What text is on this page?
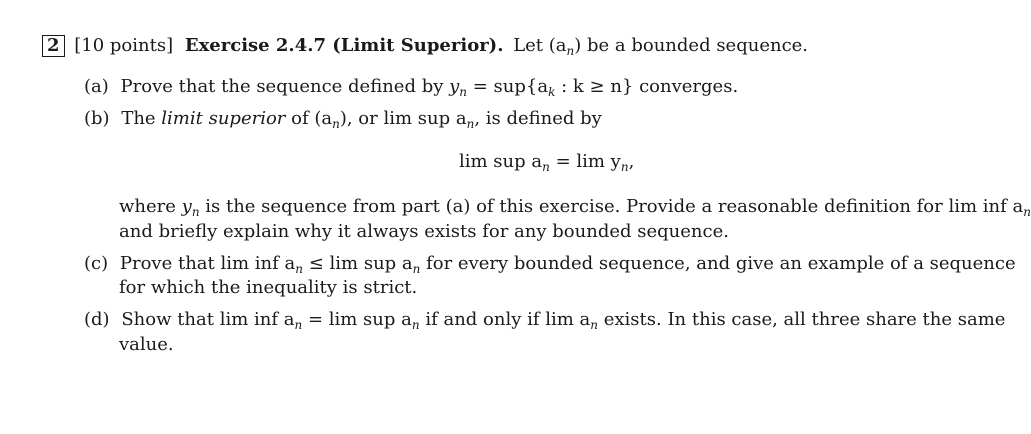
2 [10 points] Exercise 2.4.7 (Limit Superior). Let $(a_n)$ be a bounded sequence.
(a) Prove that the sequence defined by $y_n = sup\{a_k$ : k ≥ n} converges.
(b) The limit superior of $(a_n)$, or lim sup $a_n$, is defined by
lim sup $a_n = \lim y_n$,
where $y_n$ is the sequence from part (a) of this exercise. Provide a reasonable definition for lim inf $a_n$
and briefly explain why it always exists for any bounded sequence.
(c) Prove that lim inf $a_n \le \lim$ sup $a_n$ for every bounded sequence, and give an example of a sequence
for which the inequality is strict.
(d) Show that lim inf $a_n = \lim$ sup $a_n$ if and only if $\lim a_n$ exists. In this case, all three share the same
value.
